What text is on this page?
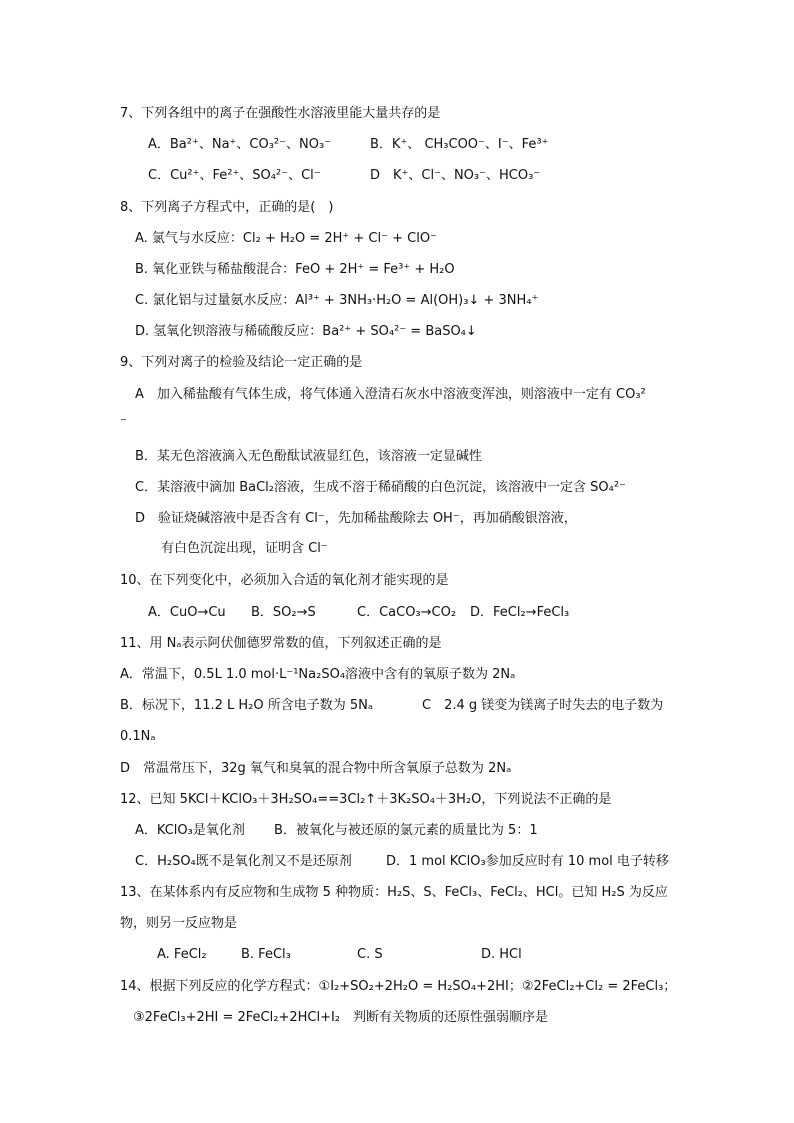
7、下列各组中的离子在强酸性水溶液里能大量共存的是
A．Ba²⁺、Na⁺、CO₃²⁻、NO₃⁻	B．K⁺、 CH₃COO⁻、I⁻、Fe³⁺
C．Cu²⁺、Fe²⁺、SO₄²⁻、Cl⁻	D　K⁺、Cl⁻、NO₃⁻、HCO₃⁻
8、下列离子方程式中，正确的是(　)
A. 氯气与水反应：Cl₂ + H₂O = 2H⁺ + Cl⁻ + ClO⁻
B. 氧化亚铁与稀盐酸混合：FeO + 2H⁺ = Fe³⁺ + H₂O
C. 氯化铝与过量氨水反应：Al³⁺ + 3NH₃·H₂O = Al(OH)₃↓ + 3NH₄⁺
D. 氢氧化钡溶液与稀硫酸反应：Ba²⁺ + SO₄²⁻ = BaSO₄↓
9、下列对离子的检验及结论一定正确的是
A　加入稀盐酸有气体生成，将气体通入澄清石灰水中溶液变浑浊，则溶液中一定有 CO₃²
⁻
B．某无色溶液滴入无色酚酞试液显红色，该溶液一定显碱性
C．某溶液中滴加 BaCl₂溶液，生成不溶于稀硝酸的白色沉淀，该溶液中一定含 SO₄²⁻
D　验证烧碱溶液中是否含有 Cl⁻，先加稀盐酸除去 OH⁻，再加硝酸银溶液，
有白色沉淀出现，证明含 Cl⁻
10、在下列变化中，必须加入合适的氧化剂才能实现的是
A．CuO→Cu B．SO₂→S	C．CaCO₃→CO₂ D．FeCl₂→FeCl₃
11、用 Nₐ表示阿伏伽德罗常数的值，下列叙述正确的是
A．常温下，0.5L 1.0 mol·L⁻¹Na₂SO₄溶液中含有的氧原子数为 2Nₐ
B．标况下，11.2 L H₂O 所含电子数为 5Nₐ	C　2.4 g 镁变为镁离子时失去的电子数为
0.1Nₐ
D　常温常压下，32g 氧气和臭氧的混合物中所含氧原子总数为 2Nₐ
12、已知 5KCl＋KClO₃＋3H₂SO₄==3Cl₂↑＋3K₂SO₄＋3H₂O，下列说法不正确的是
A．KClO₃是氧化剂 B．被氧化与被还原的氯元素的质量比为 5：1
C．H₂SO₄既不是氧化剂又不是还原剂	D．1 mol KClO₃参加反应时有 10 mol 电子转移
13、在某体系内有反应物和生成物 5 种物质：H₂S、S、FeCl₃、FeCl₂、HCl。已知 H₂S 为反应
物，则另一反应物是
A. FeCl₂	B. FeCl₃	C. S	D. HCl
14、根据下列反应的化学方程式：①I₂+SO₂+2H₂O = H₂SO₄+2HI；②2FeCl₂+Cl₂ = 2FeCl₃；
③2FeCl₃+2HI = 2FeCl₂+2HCl+I₂　判断有关物质的还原性强弱顺序是
